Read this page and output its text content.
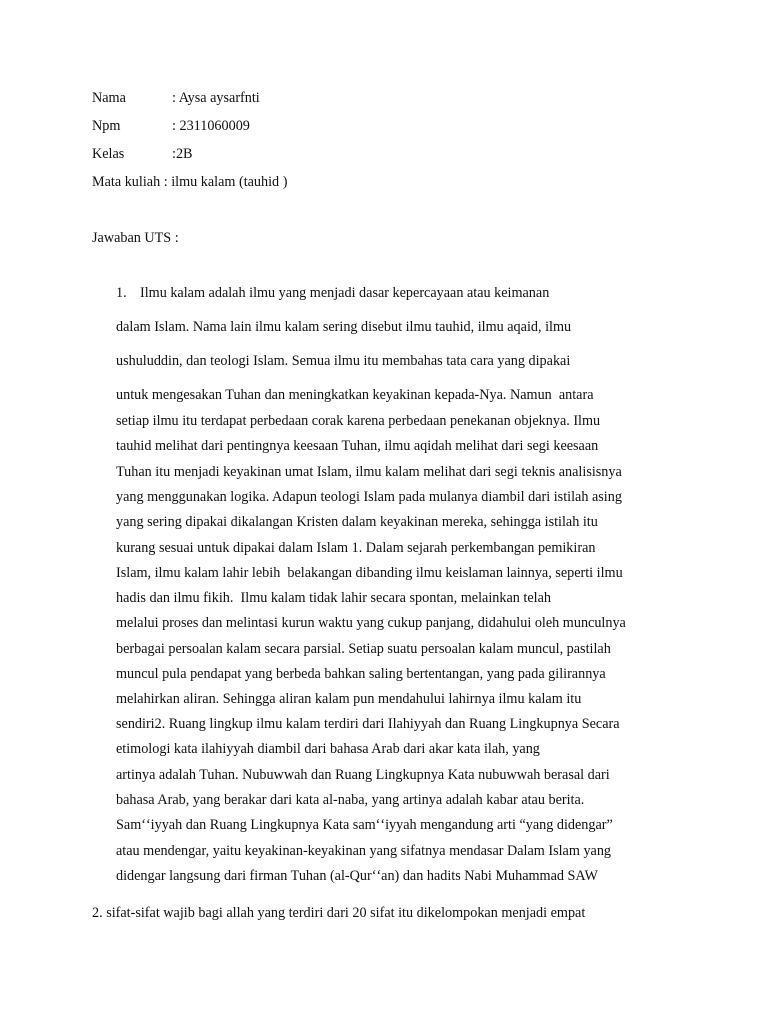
Nama	: Aysa aysarfnti
Npm	: 2311060009
Kelas	:2B
Mata kuliah : ilmu kalam (tauhid )
Jawaban UTS :
1. Ilmu kalam adalah ilmu yang menjadi dasar kepercayaan atau keimanan
dalam Islam. Nama lain ilmu kalam sering disebut ilmu tauhid, ilmu aqaid, ilmu
ushuluddin, dan teologi Islam. Semua ilmu itu membahas tata cara yang dipakai
untuk mengesakan Tuhan dan meningkatkan keyakinan kepada-Nya. Namun  antara
setiap ilmu itu terdapat perbedaan corak karena perbedaan penekanan objeknya. Ilmu
tauhid melihat dari pentingnya keesaan Tuhan, ilmu aqidah melihat dari segi keesaan
Tuhan itu menjadi keyakinan umat Islam, ilmu kalam melihat dari segi teknis analisisnya
yang menggunakan logika. Adapun teologi Islam pada mulanya diambil dari istilah asing
yang sering dipakai dikalangan Kristen dalam keyakinan mereka, sehingga istilah itu
kurang sesuai untuk dipakai dalam Islam 1. Dalam sejarah perkembangan pemikiran
Islam, ilmu kalam lahir lebih  belakangan dibanding ilmu keislaman lainnya, seperti ilmu
hadis dan ilmu fikih.  Ilmu kalam tidak lahir secara spontan, melainkan telah
melalui proses dan melintasi kurun waktu yang cukup panjang, didahului oleh munculnya
berbagai persoalan kalam secara parsial. Setiap suatu persoalan kalam muncul, pastilah
muncul pula pendapat yang berbeda bahkan saling bertentangan, yang pada gilirannya
melahirkan aliran. Sehingga aliran kalam pun mendahului lahirnya ilmu kalam itu
sendiri2. Ruang lingkup ilmu kalam terdiri dari Ilahiyyah dan Ruang Lingkupnya Secara
etimologi kata ilahiyyah diambil dari bahasa Arab dari akar kata ilah, yang
artinya adalah Tuhan. Nubuwwah dan Ruang Lingkupnya Kata nubuwwah berasal dari
bahasa Arab, yang berakar dari kata al-naba, yang artinya adalah kabar atau berita.
Samʻʻiyyah dan Ruang Lingkupnya Kata samʻʻiyyah mengandung arti “yang didengar”
atau mendengar, yaitu keyakinan-keyakinan yang sifatnya mendasar Dalam Islam yang
didengar langsung dari firman Tuhan (al-Qurʻʻan) dan hadits Nabi Muhammad SAW
2. sifat-sifat wajib bagi allah yang terdiri dari 20 sifat itu dikelompokan menjadi empat
